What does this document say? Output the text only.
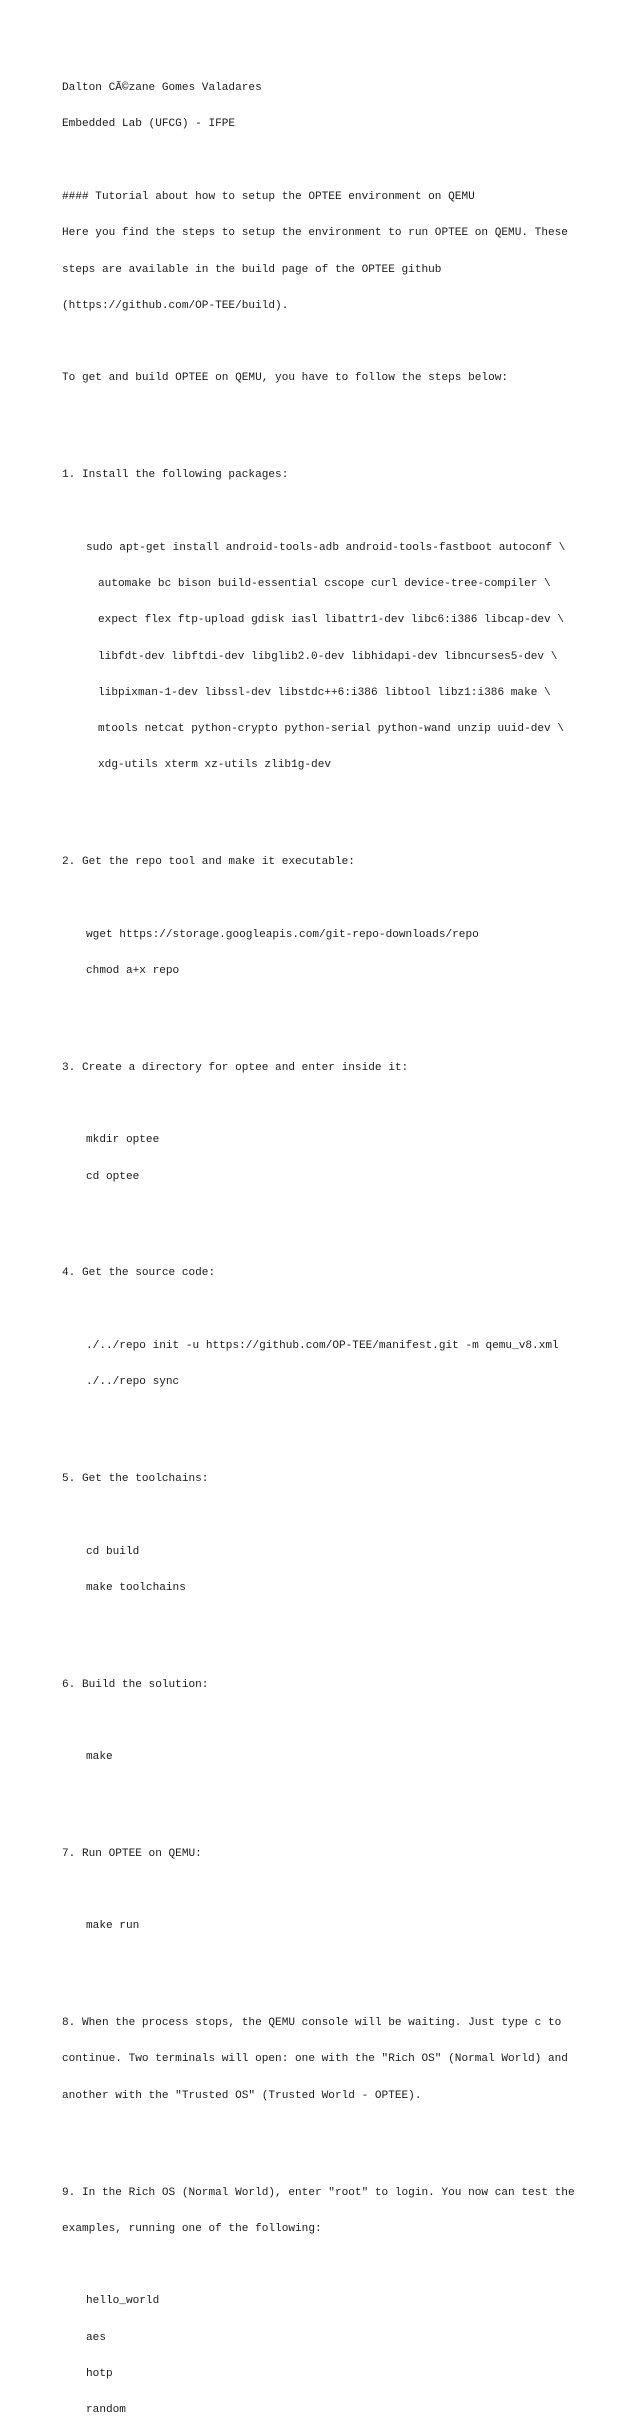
Dalton CÃ©zane Gomes Valadares

Embedded Lab (UFCG) - IFPE

#### Tutorial about how to setup the OPTEE environment on QEMU

Here you find the steps to setup the environment to run OPTEE on QEMU. These

steps are available in the build page of the OPTEE github

(https://github.com/OP-TEE/build).

To get and build OPTEE on QEMU, you have to follow the steps below:

1. Install the following packages:

sudo apt-get install android-tools-adb android-tools-fastboot autoconf \

automake bc bison build-essential cscope curl device-tree-compiler \

expect flex ftp-upload gdisk iasl libattr1-dev libc6:i386 libcap-dev \

libfdt-dev libftdi-dev libglib2.0-dev libhidapi-dev libncurses5-dev \

libpixman-1-dev libssl-dev libstdc++6:i386 libtool libz1:i386 make \

mtools netcat python-crypto python-serial python-wand unzip uuid-dev \

xdg-utils xterm xz-utils zlib1g-dev

2. Get the repo tool and make it executable:

wget https://storage.googleapis.com/git-repo-downloads/repo

chmod a+x repo

3. Create a directory for optee and enter inside it:

mkdir optee

cd optee

4. Get the source code:

./../repo init -u https://github.com/OP-TEE/manifest.git -m qemu_v8.xml

./../repo sync

5. Get the toolchains:

cd build

make toolchains

6. Build the solution:

make

7. Run OPTEE on QEMU:

make run

8. When the process stops, the QEMU console will be waiting. Just type c to

continue. Two terminals will open: one with the "Rich OS" (Normal World) and

another with the "Trusted OS" (Trusted World - OPTEE).

9. In the Rich OS (Normal World), enter "root" to login. You now can test the

examples, running one of the following:

hello_world

aes

hotp

random
